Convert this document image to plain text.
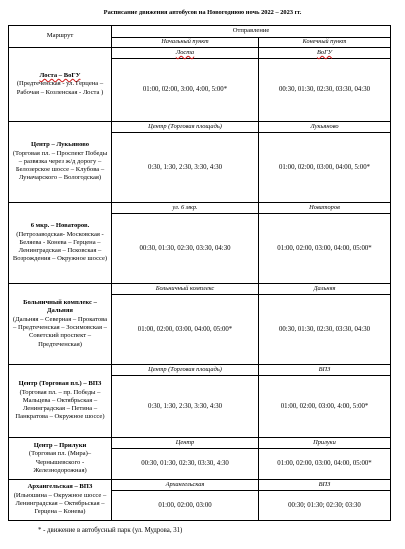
Расписание движения автобусов на Новогоднюю ночь 2022 – 2023 гг.
Маршрут	Отправление	
	Начальный пункт	Конечный пункт

Лоста – ВоГУ
(Предтеченская - ул. Герцена – Рабочая – Козленская - Лоста )	Лоста	ВоГУ
	01:00, 02:00, 3:00, 4:00, 5:00*	00:30, 01:30, 02:30, 03:30, 04:30

Центр – Лукьяново
(Торговая пл. – Проспект Победы – развязка через ж/д дорогу – Белозерское шоссе – Клубова – Луначарского – Вологодская)	Центр (Торговая площадь)	Лукьяново
	0:30, 1:30, 2:30, 3:30, 4:30	01:00, 02:00, 03:00, 04:00, 5:00*

6 мкр. – Новаторов.
(Петрозаводская- Московская - Беляева - Конева – Герцена – Ленинградская – Псковская – Возрождения – Окружное шоссе)	ул. 6 мкр.	Новаторов
	00:30, 01:30, 02:30, 03:30, 04:30	01:00, 02:00, 03:00, 04:00, 05:00*

Больничный комплекс – Дальняя
(Дальняя – Северная – Прокатова – Предтеченская – Зосимовская – Советский проспект – Предтеченская)	Больничный комплекс	Дальняя
	01:00, 02:00, 03:00, 04:00, 05:00*	00:30, 01:30, 02:30, 03:30, 04:30

Центр (Торговая пл.) – ВПЗ
(Торговая пл. – пр. Победы – Мальцева – Октябрьская – Ленинградская – Петина – Панкратова – Окружное шоссе)	Центр (Торговая площадь)	ВПЗ
	0:30, 1:30, 2:30, 3:30, 4:30	01:00, 02:00, 03:00, 4:00, 5:00*

Центр – Прилуки
(Торговая пл. (Мира)– Чернышевского - Железнодорожная)	Центр	Прилуки
	00:30, 01:30, 02:30, 03:30, 4:30	01:00, 02:00, 03:00, 04:00, 05:00*

Архангельская – ВПЗ
(Ильюшина – Окружное шоссе – Ленинградская – Октябрьская – Герцена – Конева)	Архангельская	ВПЗ
	01:00, 02:00, 03:00	00:30; 01:30; 02:30; 03:30
* - движение в автобусный парк (ул. Мудрова, 31)
